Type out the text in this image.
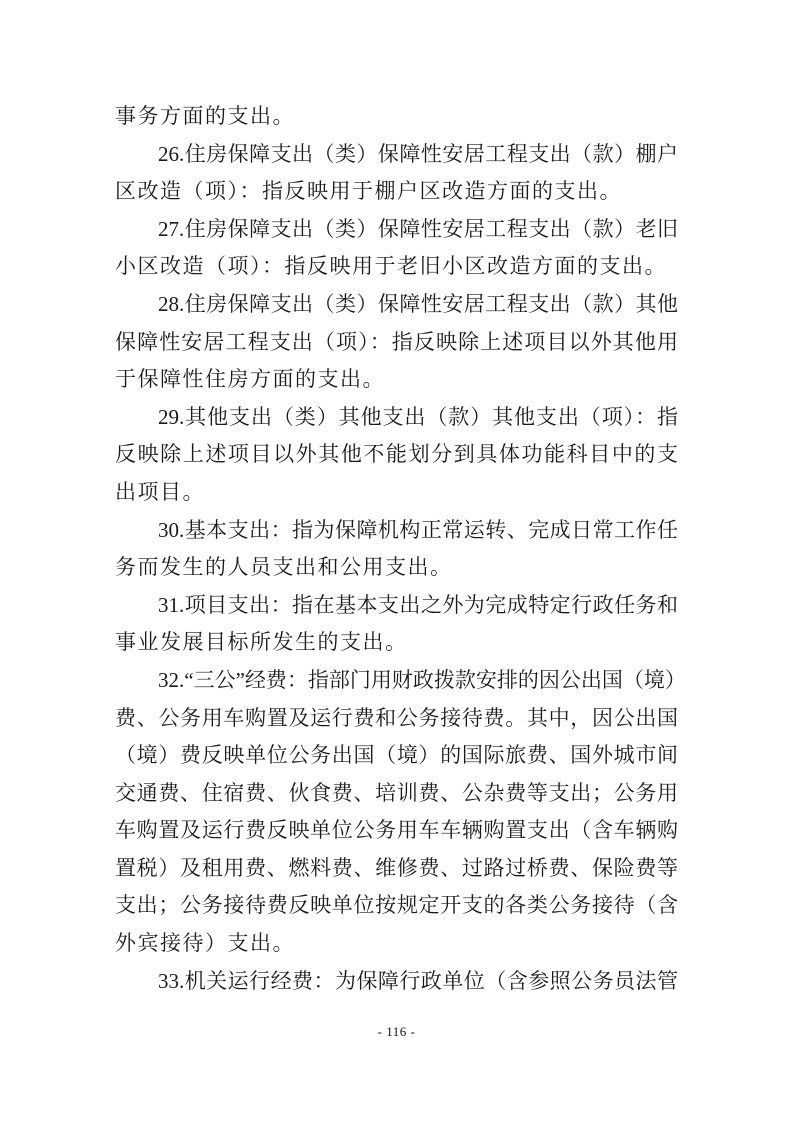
事务方面的支出。
26.住房保障支出（类）保障性安居工程支出（款）棚户
区改造（项）：指反映用于棚户区改造方面的支出。
27.住房保障支出（类）保障性安居工程支出（款）老旧
小区改造（项）：指反映用于老旧小区改造方面的支出。
28.住房保障支出（类）保障性安居工程支出（款）其他
保障性安居工程支出（项）：指反映除上述项目以外其他用
于保障性住房方面的支出。
29.其他支出（类）其他支出（款）其他支出（项）：指
反映除上述项目以外其他不能划分到具体功能科目中的支
出项目。
30.基本支出：指为保障机构正常运转、完成日常工作任
务而发生的人员支出和公用支出。
31.项目支出：指在基本支出之外为完成特定行政任务和
事业发展目标所发生的支出。
32.“三公”经费：指部门用财政拨款安排的因公出国（境）
费、公务用车购置及运行费和公务接待费。其中，因公出国
（境）费反映单位公务出国（境）的国际旅费、国外城市间
交通费、住宿费、伙食费、培训费、公杂费等支出；公务用
车购置及运行费反映单位公务用车车辆购置支出（含车辆购
置税）及租用费、燃料费、维修费、过路过桥费、保险费等
支出；公务接待费反映单位按规定开支的各类公务接待（含
外宾接待）支出。
33.机关运行经费：为保障行政单位（含参照公务员法管
- 116 -
